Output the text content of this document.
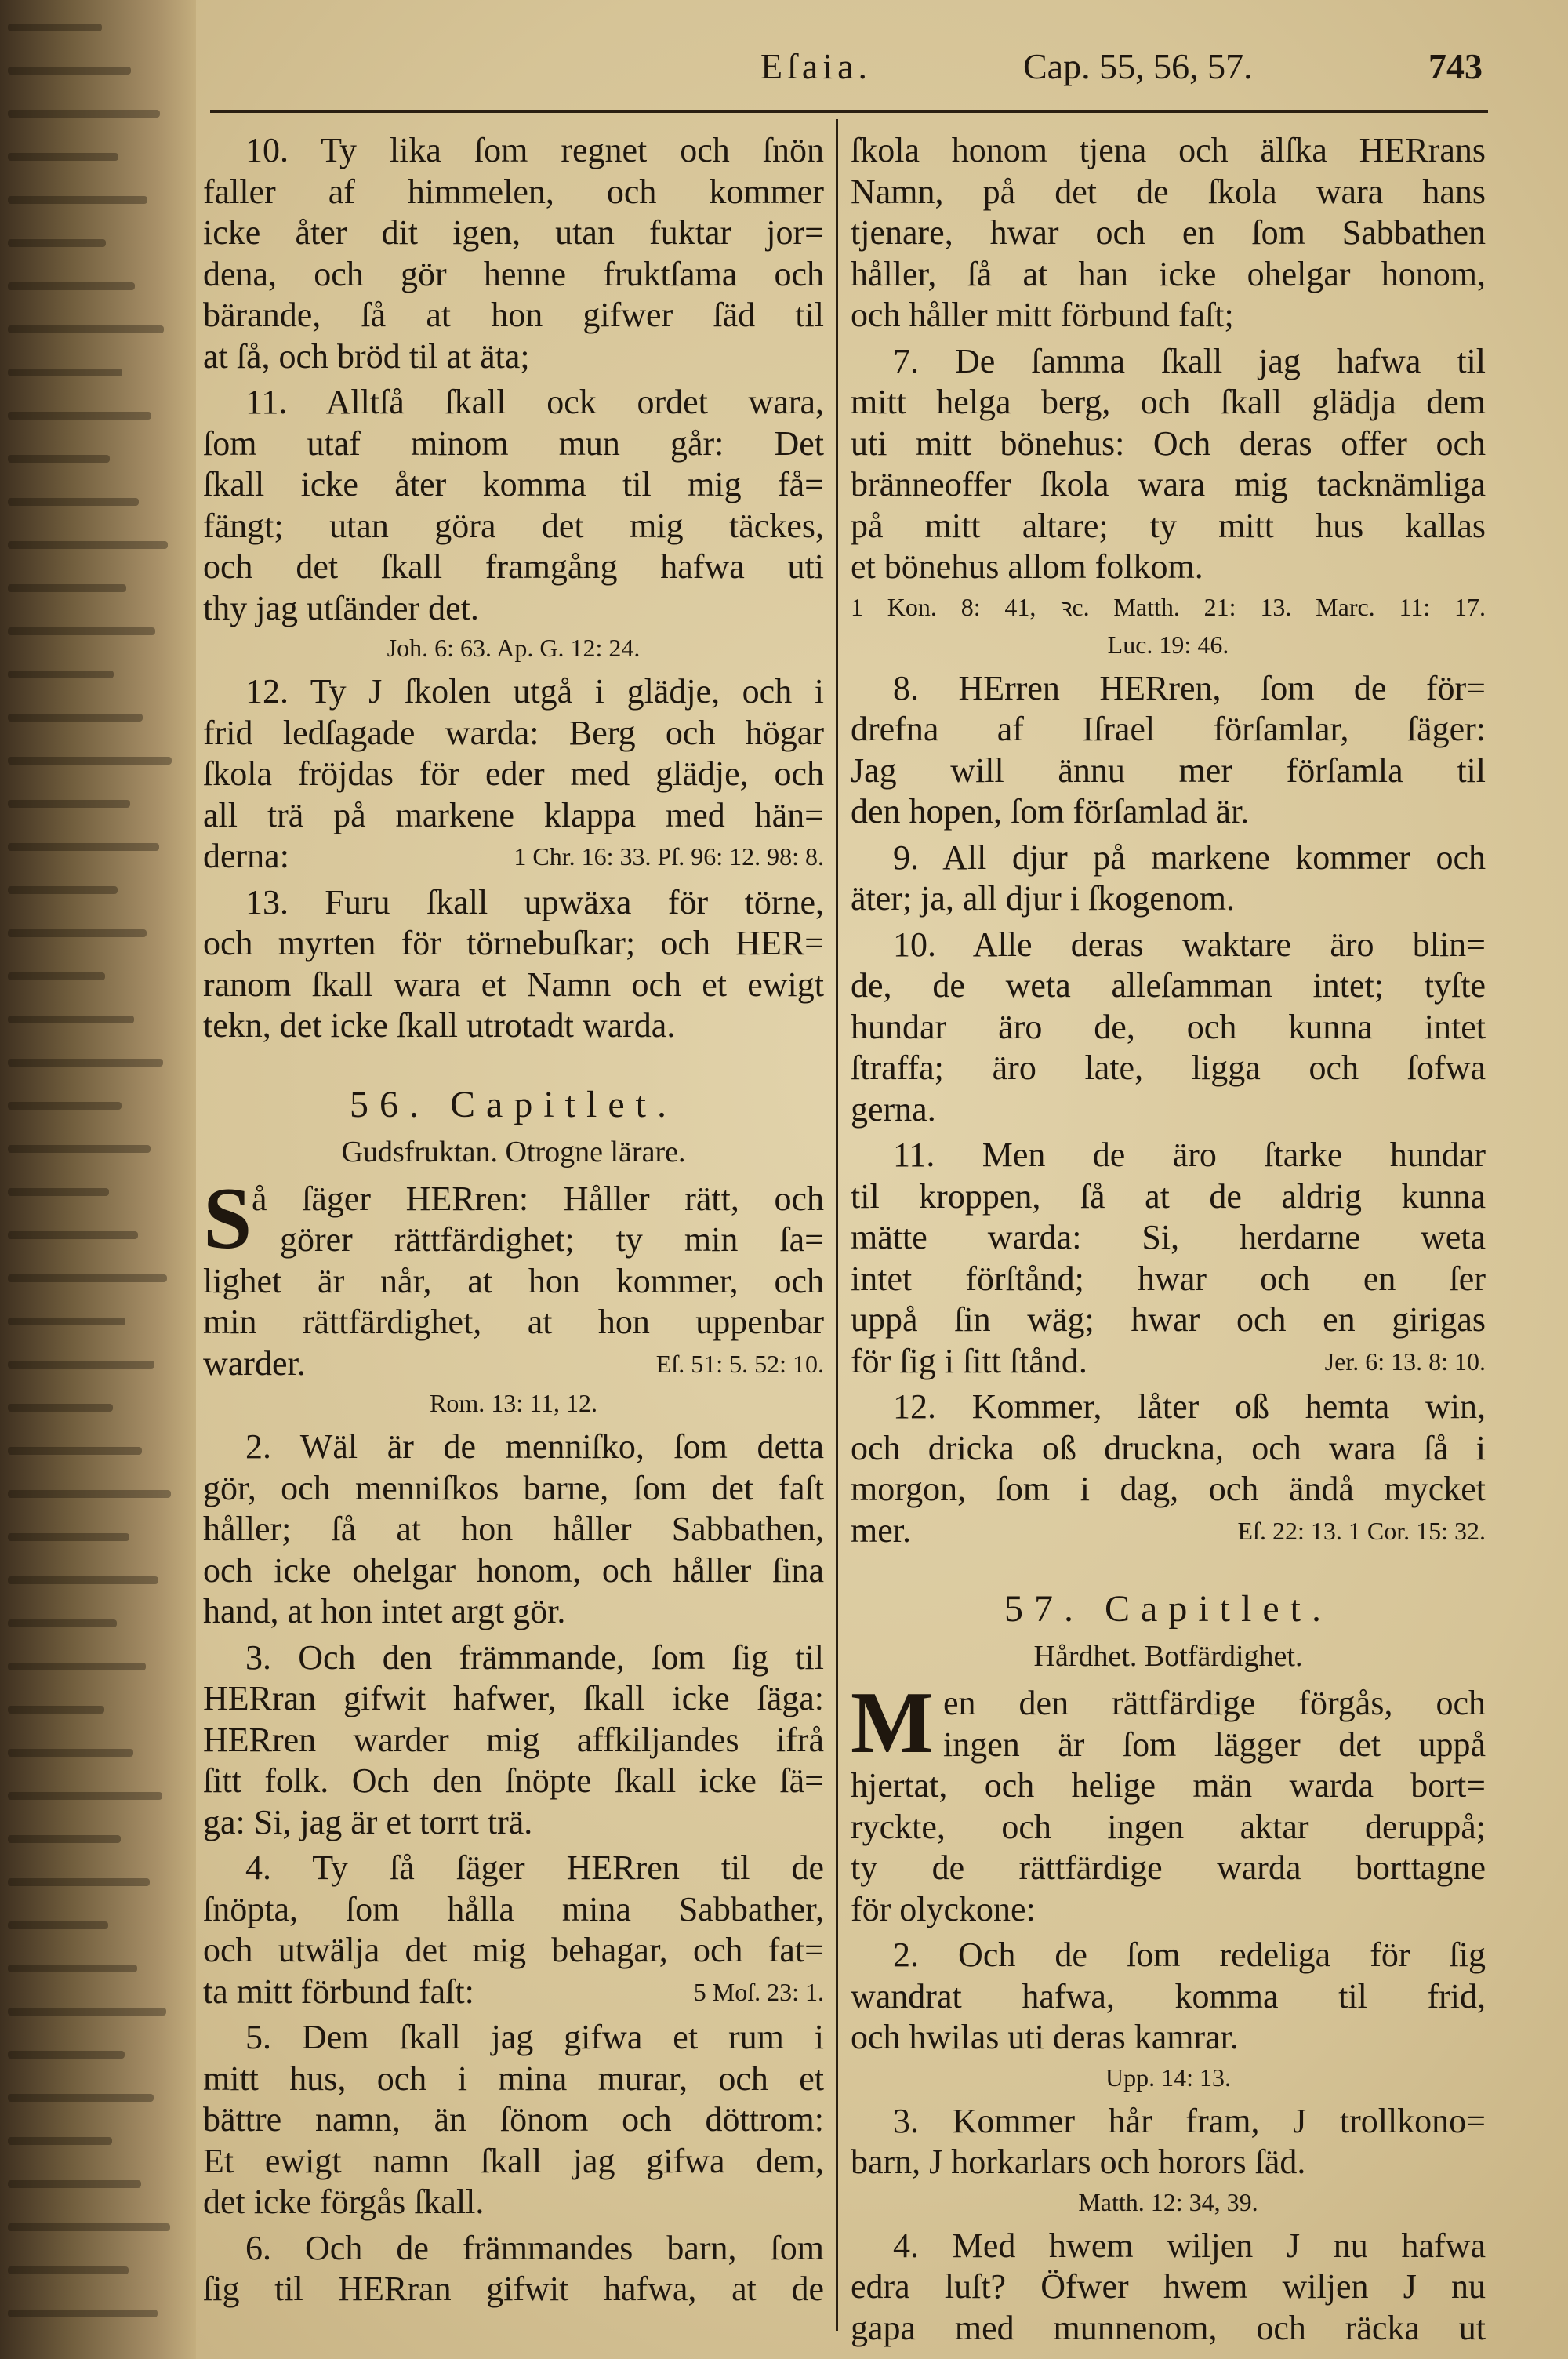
Eſaia.	Cap. 55, 56, 57.	743
10. Ty lika ſom regnet och ſnön
faller af himmelen, och kommer
icke åter dit igen, utan fuktar jor=
dena, och gör henne fruktſama och
bärande, ſå at hon gifwer ſäd til
at ſå, och bröd til at äta;
11. Alltſå ſkall ock ordet wara,
ſom utaf minom mun går: Det
ſkall icke åter komma til mig få=
fängt; utan göra det mig täckes,
och det ſkall framgång hafwa uti
thy jag utſänder det.
Joh. 6: 63. Ap. G. 12: 24.
12. Ty J ſkolen utgå i glädje, och i
frid ledſagade warda: Berg och högar
ſkola fröjdas för eder med glädje, och
all trä på markene klappa med hän=
derna:	1 Chr. 16: 33. Pſ. 96: 12. 98: 8.
13. Furu ſkall upwäxa för törne,
och myrten för törnebuſkar; och HER=
ranom ſkall wara et Namn och et ewigt
tekn, det icke ſkall utrotadt warda.
56. Capitlet.
Gudsfruktan. Otrogne lärare.
S å ſäger HERren: Håller rätt, och
görer rättfärdighet; ty min ſa=
lighet är når, at hon kommer, och
min rättfärdighet, at hon uppenbar
warder.	Eſ. 51: 5. 52: 10.
Rom. 13: 11, 12.
2. Wäl är de menniſko, ſom detta
gör, och menniſkos barne, ſom det faſt
håller; ſå at hon håller Sabbathen,
och icke ohelgar honom, och håller ſina
hand, at hon intet argt gör.
3. Och den främmande, ſom ſig til
HERran gifwit hafwer, ſkall icke ſäga:
HERren warder mig affkiljandes ifrå
ſitt folk. Och den ſnöpte ſkall icke ſä=
ga: Si, jag är et torrt trä.
4. Ty ſå ſäger HERren til de
ſnöpta, ſom hålla mina Sabbather,
och utwälja det mig behagar, och fat=
ta mitt förbund faſt:	5 Moſ. 23: 1.
5. Dem ſkall jag gifwa et rum i
mitt hus, och i mina murar, och et
bättre namn, än ſönom och döttrom:
Et ewigt namn ſkall jag gifwa dem,
det icke förgås ſkall.
6. Och de främmandes barn, ſom
ſig til HERran gifwit hafwa, at de
ſkola honom tjena och älſka HERrans
Namn, på det de ſkola wara hans
tjenare, hwar och en ſom Sabbathen
håller, ſå at han icke ohelgar honom,
och håller mitt förbund faſt;
7. De ſamma ſkall jag hafwa til
mitt helga berg, och ſkall glädja dem
uti mitt bönehus: Och deras offer och
bränneoffer ſkola wara mig tacknämliga
på mitt altare; ty mitt hus kallas
et bönehus allom folkom.
1 Kon. 8: 41, ꝛc. Matth. 21: 13. Marc. 11: 17.
Luc. 19: 46.
8. HErren HERren, ſom de för=
drefna af Iſrael förſamlar, ſäger:
Jag will ännu mer förſamla til
den hopen, ſom förſamlad är.
9. All djur på markene kommer och
äter; ja, all djur i ſkogenom.
10. Alle deras waktare äro blin=
de, de weta alleſamman intet; tyſte
hundar äro de, och kunna intet
ſtraffa; äro late, ligga och ſofwa
gerna.
11. Men de äro ſtarke hundar
til kroppen, ſå at de aldrig kunna
mätte warda: Si, herdarne weta
intet förſtånd; hwar och en ſer
uppå ſin wäg; hwar och en girigas
för ſig i ſitt ſtånd.	Jer. 6: 13. 8: 10.
12. Kommer, låter oß hemta win,
och dricka oß druckna, och wara ſå i
morgon, ſom i dag, och ändå mycket
mer.	Eſ. 22: 13. 1 Cor. 15: 32.
57. Capitlet.
Hårdhet. Botfärdighet.
M en den rättfärdige förgås, och
ingen är ſom lägger det uppå
hjertat, och helige män warda bort=
ryckte, och ingen aktar deruppå;
ty de rättfärdige warda borttagne
för olyckone:
2. Och de ſom redeliga för ſig
wandrat hafwa, komma til frid,
och hwilas uti deras kamrar.
Upp. 14: 13.
3. Kommer hår fram, J trollkono=
barn, J horkarlars och horors ſäd.
Matth. 12: 34, 39.
4. Med hwem wiljen J nu hafwa
edra luſt? Öfwer hwem wiljen J nu
gapa med munnenom, och räcka ut
